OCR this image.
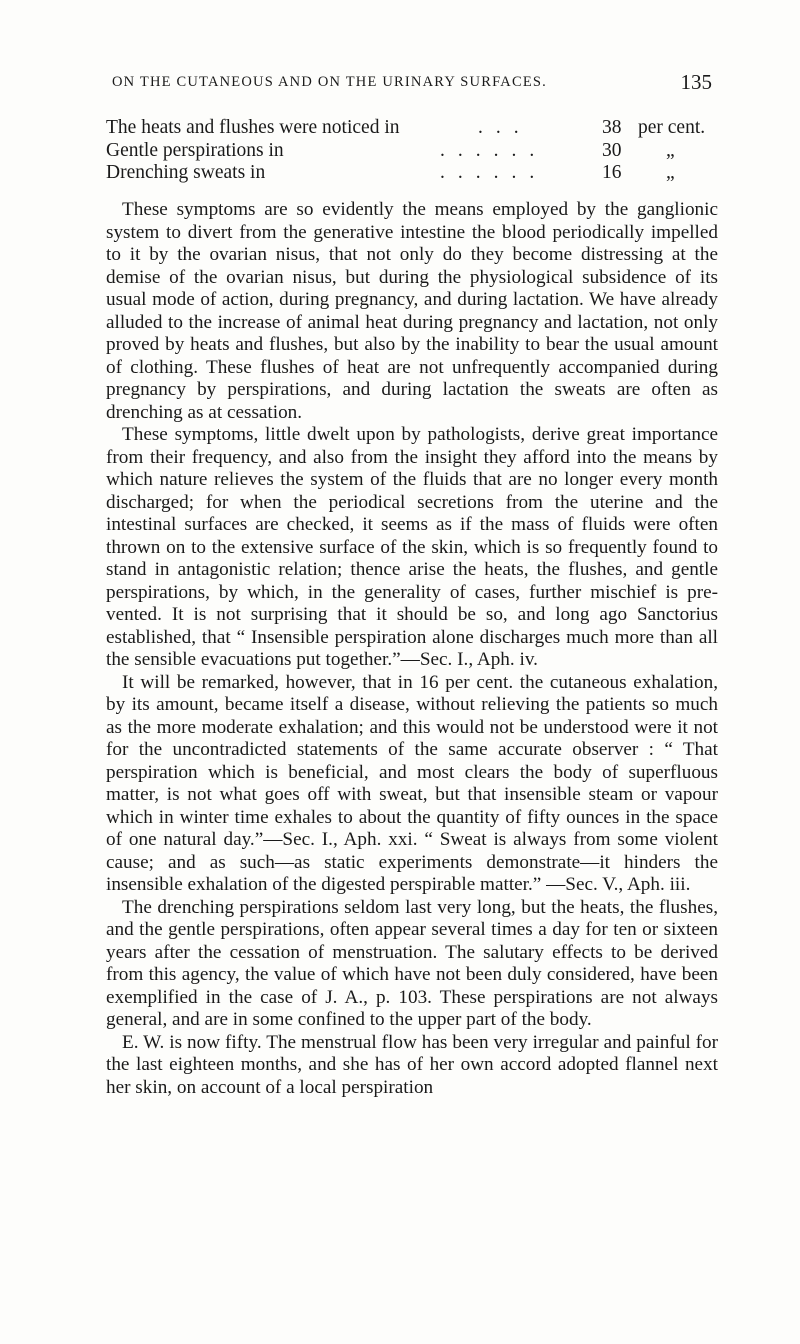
ON THE CUTANEOUS AND ON THE URINARY SURFACES.	135
The heats and flushes were noticed in	...	38 per cent.
Gentle perspirations in	......	30 „
Drenching sweats in	......	16 „

These symptoms are so evidently the means employed by the ganglionic system to divert from the generative intestine the blood periodically impelled to it by the ovarian nisus, that not only do they become distressing at the demise of the ovarian nisus, but during the physiological subsidence of its usual mode of action, during pregnancy, and during lactation. We have already alluded to the increase of animal heat during pregnancy and lactation, not only proved by heats and flushes, but also by the inability to bear the usual amount of clothing. These flushes of heat are not unfrequently accompanied during pregnancy by perspirations, and during lactation the sweats are often as drenching as at cessation.

These symptoms, little dwelt upon by pathologists, derive great importance from their frequency, and also from the insight they afford into the means by which nature relieves the system of the fluids that are no longer every month discharged; for when the periodical secretions from the uterine and the intestinal surfaces are checked, it seems as if the mass of fluids were often thrown on to the extensive surface of the skin, which is so frequently found to stand in antagonistic relation; thence arise the heats, the flushes, and gentle perspirations, by which, in the generality of cases, further mischief is prevented. It is not surprising that it should be so, and long ago Sanctorius established, that “ Insensible perspiration alone discharges much more than all the sensible evacuations put together.”—Sec. I., Aph. iv.

It will be remarked, however, that in 16 per cent. the cutaneous exhalation, by its amount, became itself a disease, without relieving the patients so much as the more moderate exhalation; and this would not be understood were it not for the uncontradicted statements of the same accurate observer : “ That perspiration which is beneficial, and most clears the body of superfluous matter, is not what goes off with sweat, but that insensible steam or vapour which in winter time exhales to about the quantity of fifty ounces in the space of one natural day.”—Sec. I., Aph. xxi. “ Sweat is always from some violent cause; and as such—as static experiments demonstrate—it hinders the insensible exhalation of the digested perspirable matter.” —Sec. V., Aph. iii.

The drenching perspirations seldom last very long, but the heats, the flushes, and the gentle perspirations, often appear several times a day for ten or sixteen years after the cessation of menstruation. The salutary effects to be derived from this agency, the value of which have not been duly considered, have been exemplified in the case of J. A., p. 103. These perspirations are not always general, and are in some confined to the upper part of the body.

E. W. is now fifty. The menstrual flow has been very irregular and painful for the last eighteen months, and she has of her own accord adopted flannel next her skin, on account of a local perspiration
